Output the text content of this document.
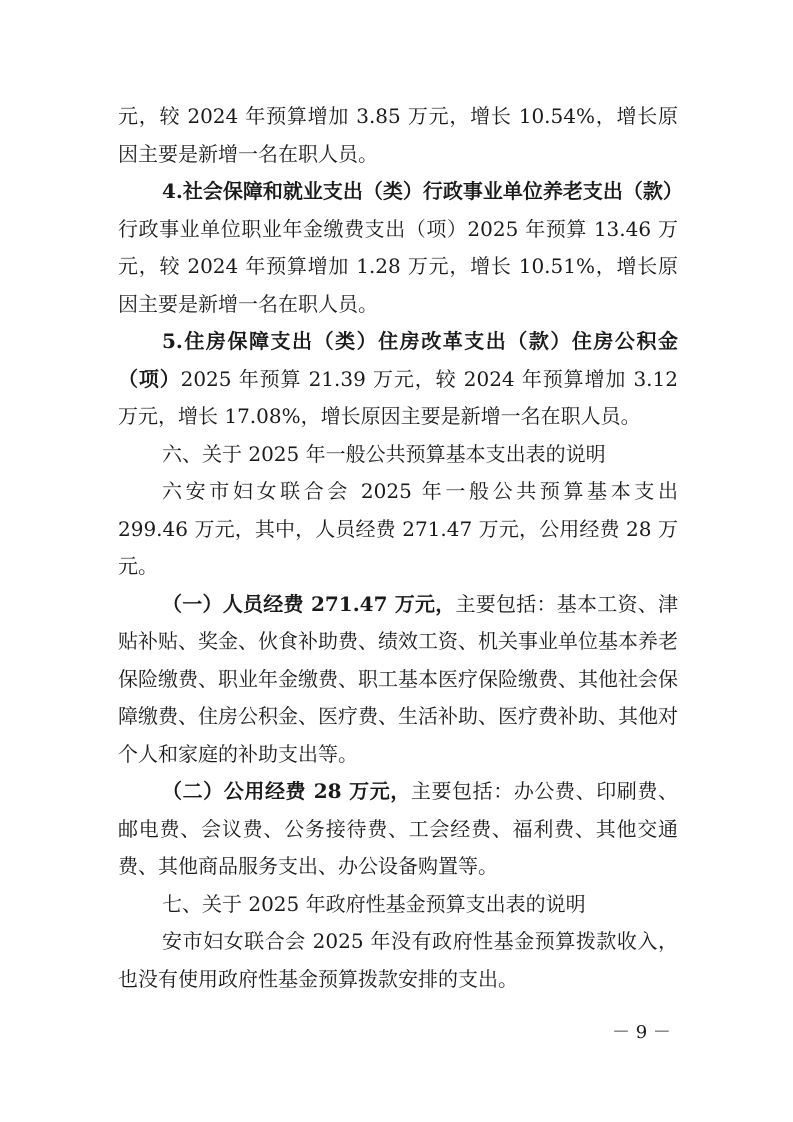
元，较 2024 年预算增加 3.85 万元，增长 10.54%，增长原因主要是新增一名在职人员。

4.社会保障和就业支出（类）行政事业单位养老支出（款）行政事业单位职业年金缴费支出（项）2025 年预算 13.46 万元，较 2024 年预算增加 1.28 万元，增长 10.51%，增长原因主要是新增一名在职人员。

5.住房保障支出（类）住房改革支出（款）住房公积金（项）2025 年预算 21.39 万元，较 2024 年预算增加 3.12 万元，增长 17.08%，增长原因主要是新增一名在职人员。

六、关于 2025 年一般公共预算基本支出表的说明

六安市妇女联合会 2025 年一般公共预算基本支出 299.46 万元，其中，人员经费 271.47 万元，公用经费 28 万元。

（一）人员经费 271.47 万元，主要包括：基本工资、津贴补贴、奖金、伙食补助费、绩效工资、机关事业单位基本养老保险缴费、职业年金缴费、职工基本医疗保险缴费、其他社会保障缴费、住房公积金、医疗费、生活补助、医疗费补助、其他对个人和家庭的补助支出等。

（二）公用经费 28 万元，主要包括：办公费、印刷费、邮电费、会议费、公务接待费、工会经费、福利费、其他交通费、其他商品服务支出、办公设备购置等。

七、关于 2025 年政府性基金预算支出表的说明

安市妇女联合会 2025 年没有政府性基金预算拨款收入，也没有使用政府性基金预算拨款安排的支出。

－ 9 －
